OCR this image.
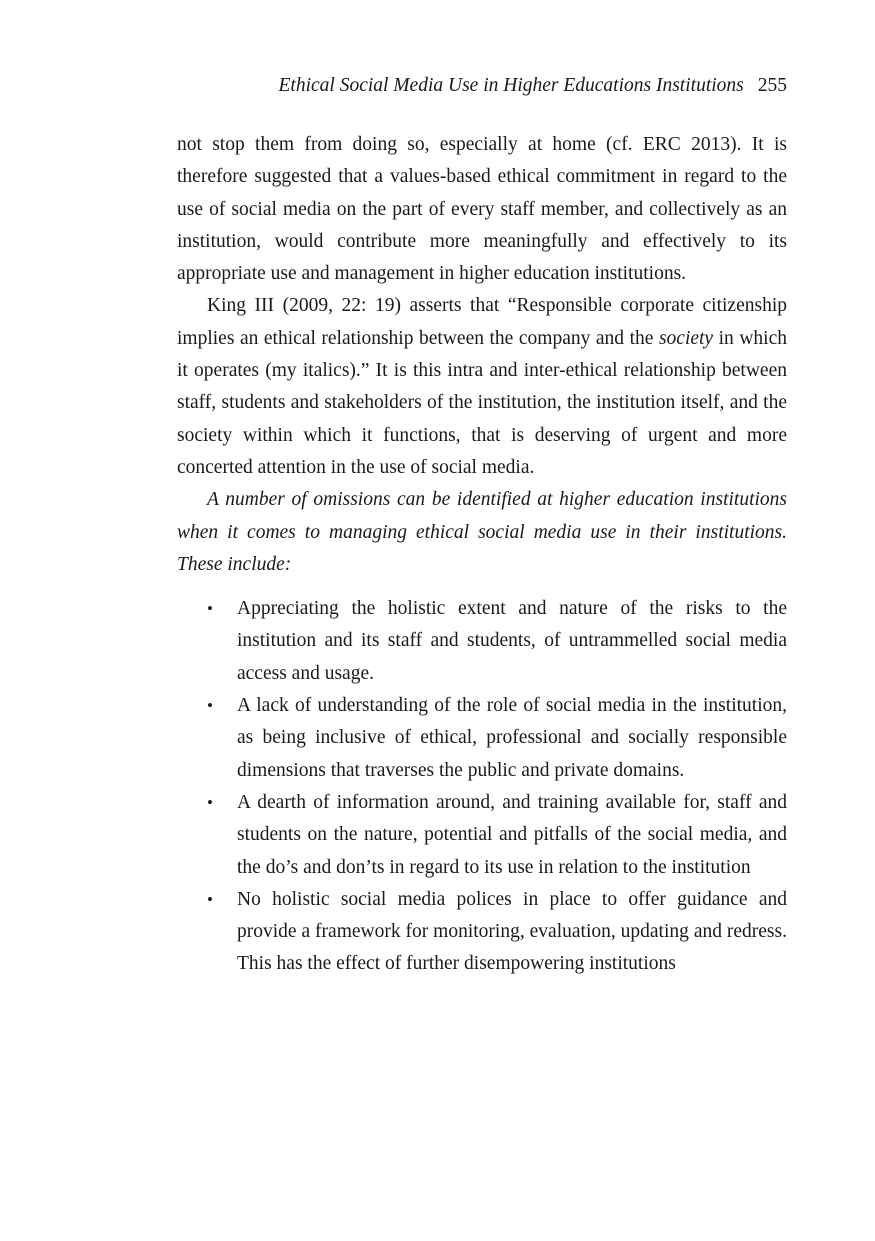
Ethical Social Media Use in Higher Educations Institutions 255

not stop them from doing so, especially at home (cf. ERC 2013). It is therefore suggested that a values-based ethical commitment in regard to the use of social media on the part of every staff member, and collectively as an institution, would contribute more meaningfully and effectively to its appropriate use and management in higher education institutions.

King III (2009, 22: 19) asserts that “Responsible corporate citizenship implies an ethical relationship between the company and the society in which it operates (my italics).” It is this intra and inter-ethical relationship between staff, students and stakeholders of the institution, the institution itself, and the society within which it functions, that is deserving of urgent and more concerted attention in the use of social media.

A number of omissions can be identified at higher education institutions when it comes to managing ethical social media use in their institutions. These include:

• Appreciating the holistic extent and nature of the risks to the institution and its staff and students, of untrammelled social media access and usage.
• A lack of understanding of the role of social media in the institution, as being inclusive of ethical, professional and socially responsible dimensions that traverses the public and private domains.
• A dearth of information around, and training available for, staff and students on the nature, potential and pitfalls of the social media, and the do’s and don’ts in regard to its use in relation to the institution
• No holistic social media polices in place to offer guidance and provide a framework for monitoring, evaluation, updating and redress. This has the effect of further disempowering institutions
